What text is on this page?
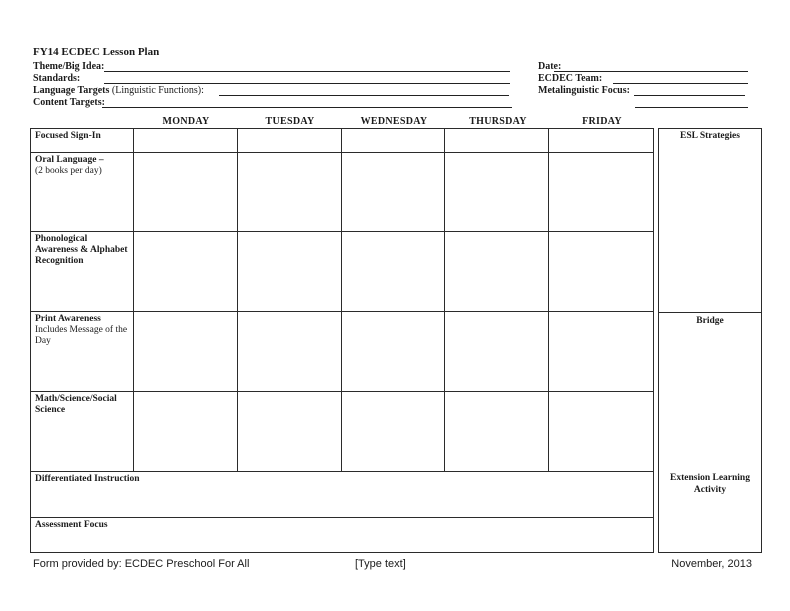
FY14 ECDEC Lesson Plan
Theme/Big Idea:
Standards:
Language Targets (Linguistic Functions):
Content Targets:
Date:
ECDEC Team:
Metalinguistic Focus:
MONDAY	TUESDAY	WEDNESDAY	THURSDAY	FRIDAY
Focused Sign-In
Oral Language –
(2 books per day)
Phonological Awareness & Alphabet Recognition
Print Awareness
Includes Message of the Day
Math/Science/Social Science
Differentiated Instruction
Assessment Focus
ESL Strategies
Bridge
Extension Learning Activity
Form provided by: ECDEC Preschool For All	[Type text]	November, 2013
